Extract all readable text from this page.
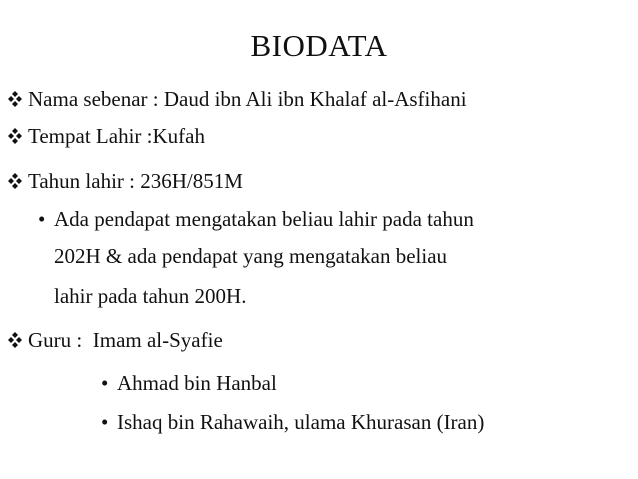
BIODATA
Nama sebenar : Daud ibn Ali ibn Khalaf al-Asfihani
Tempat Lahir :Kufah
Tahun lahir : 236H/851M
• Ada pendapat mengatakan beliau lahir pada tahun
202H & ada pendapat yang mengatakan beliau
lahir pada tahun 200H.
Guru :  Imam al-Syafie
• Ahmad bin Hanbal
• Ishaq bin Rahawaih, ulama Khurasan (Iran)
